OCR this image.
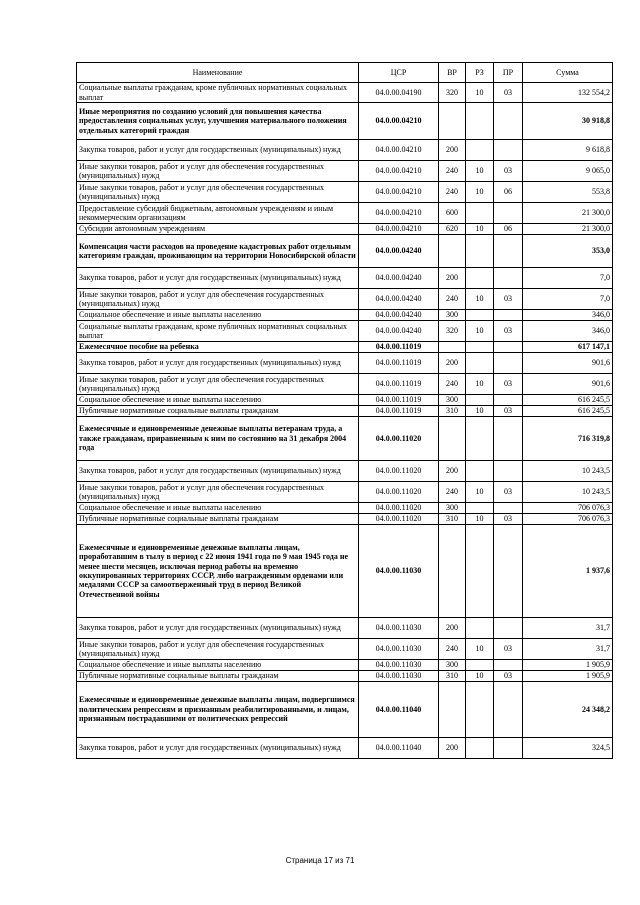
Наименование	ЦСР	ВР	РЗ	ПР	Сумма
Социальные выплаты гражданам, кроме публичных нормативных социальных выплат	04.0.00.04190	320	10	03	132 554,2
Иные мероприятия по созданию условий для повышения качества предоставления социальных услуг, улучшения материального положения отдельных категорий граждан	04.0.00.04210				30 918,8
Закупка товаров, работ и услуг для государственных (муниципальных) нужд	04.0.00.04210	200			9 618,8
Иные закупки товаров, работ и услуг для обеспечения государственных (муниципальных) нужд	04.0.00.04210	240	10	03	9 065,0
Иные закупки товаров, работ и услуг для обеспечения государственных (муниципальных) нужд	04.0.00.04210	240	10	06	553,8
Предоставление субсидий бюджетным, автономным учреждениям и иным некоммерческим организациям	04.0.00.04210	600			21 300,0
Субсидии автономным учреждениям	04.0.00.04210	620	10	06	21 300,0
Компенсация части расходов на проведение кадастровых работ отдельным категориям граждан, проживающим на территории Новосибирской области	04.0.00.04240				353,0
Закупка товаров, работ и услуг для государственных (муниципальных) нужд	04.0.00.04240	200			7,0
Иные закупки товаров, работ и услуг для обеспечения государственных (муниципальных) нужд	04.0.00.04240	240	10	03	7,0
Социальное обеспечение и иные выплаты населению	04.0.00.04240	300			346,0
Социальные выплаты гражданам, кроме публичных нормативных социальных выплат	04.0.00.04240	320	10	03	346,0
Ежемесячное пособие на ребенка	04.0.00.11019				617 147,1
Закупка товаров, работ и услуг для государственных (муниципальных) нужд	04.0.00.11019	200			901,6
Иные закупки товаров, работ и услуг для обеспечения государственных (муниципальных) нужд	04.0.00.11019	240	10	03	901,6
Социальное обеспечение и иные выплаты населению	04.0.00.11019	300			616 245,5
Публичные нормативные социальные выплаты гражданам	04.0.00.11019	310	10	03	616 245,5
Ежемесячные и единовременные денежные выплаты ветеранам труда, а также гражданам, приравненным к ним по состоянию на 31 декабря 2004 года	04.0.00.11020				716 319,8
Закупка товаров, работ и услуг для государственных (муниципальных) нужд	04.0.00.11020	200			10 243,5
Иные закупки товаров, работ и услуг для обеспечения государственных (муниципальных) нужд	04.0.00.11020	240	10	03	10 243,5
Социальное обеспечение и иные выплаты населению	04.0.00.11020	300			706 076,3
Публичные нормативные социальные выплаты гражданам	04.0.00.11020	310	10	03	706 076,3
Ежемесячные и единовременные денежные выплаты лицам, проработавшим в тылу в период с 22 июня 1941 года по 9 мая 1945 года не менее шести месяцев, исключая период работы на временно оккупированных территориях СССР, либо награжденным орденами или медалями СССР за самоотверженный труд в период Великой Отечественной войны	04.0.00.11030				1 937,6
Закупка товаров, работ и услуг для государственных (муниципальных) нужд	04.0.00.11030	200			31,7
Иные закупки товаров, работ и услуг для обеспечения государственных (муниципальных) нужд	04.0.00.11030	240	10	03	31,7
Социальное обеспечение и иные выплаты населению	04.0.00.11030	300			1 905,9
Публичные нормативные социальные выплаты гражданам	04.0.00.11030	310	10	03	1 905,9
Ежемесячные и единовременные денежные выплаты лицам, подвергшимся политическим репрессиям и признанным реабилитированными, и лицам, признанным пострадавшими от политических репрессий	04.0.00.11040				24 348,2
Закупка товаров, работ и услуг для государственных (муниципальных) нужд	04.0.00.11040	200			324,5
Страница 17 из 71
